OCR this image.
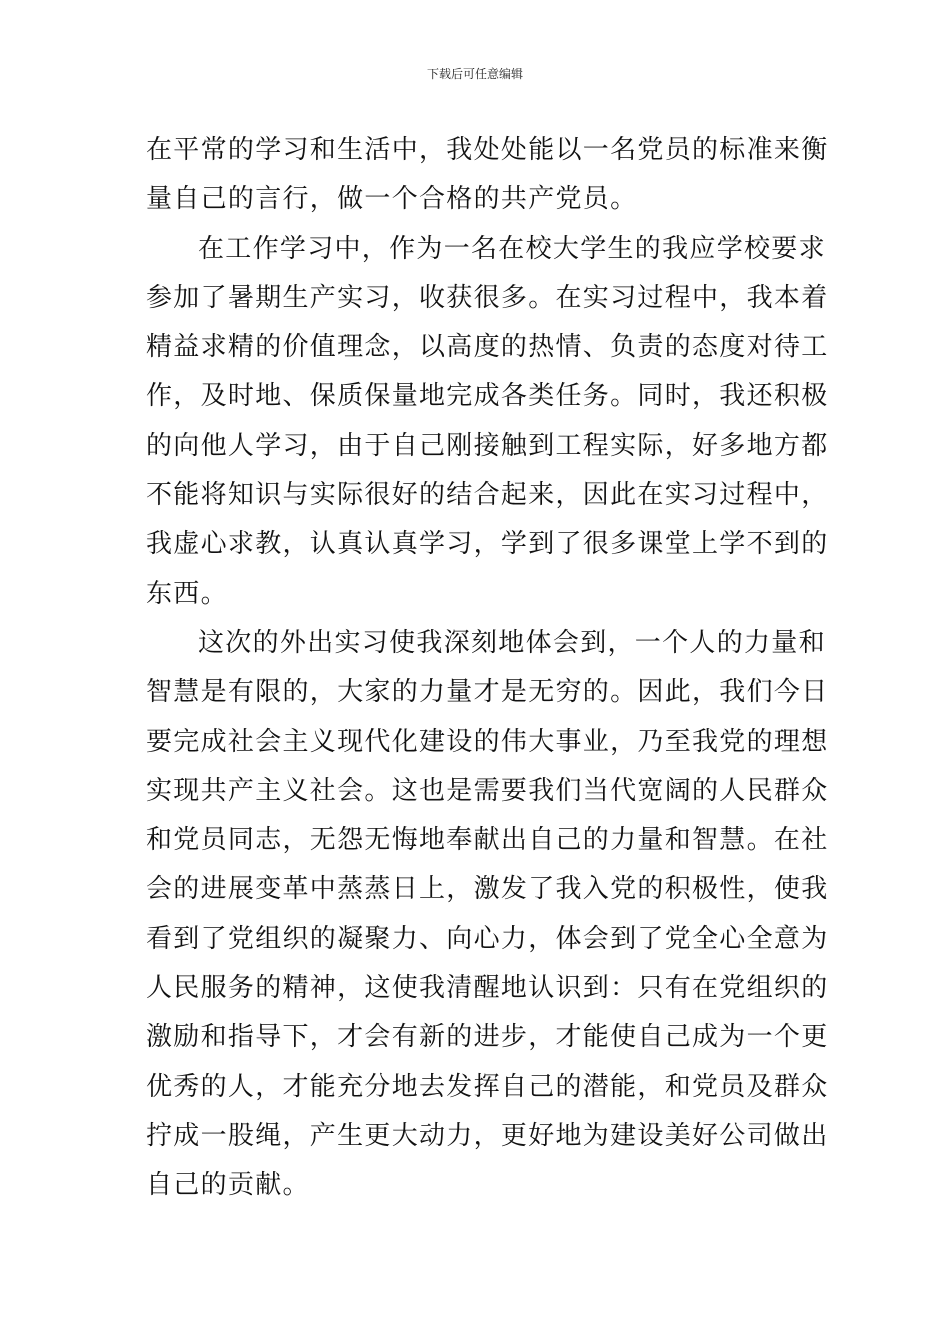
下载后可任意编辑
在平常的学习和生活中，我处处能以一名党员的标准来衡
量自己的言行，做一个合格的共产党员。
在工作学习中，作为一名在校大学生的我应学校要求
参加了暑期生产实习，收获很多。在实习过程中，我本着
精益求精的价值理念，以高度的热情、负责的态度对待工
作，及时地、保质保量地完成各类任务。同时，我还积极
的向他人学习，由于自己刚接触到工程实际，好多地方都
不能将知识与实际很好的结合起来，因此在实习过程中，
我虚心求教，认真认真学习，学到了很多课堂上学不到的
东西。
这次的外出实习使我深刻地体会到，一个人的力量和
智慧是有限的，大家的力量才是无穷的。因此，我们今日
要完成社会主义现代化建设的伟大事业，乃至我党的理想
实现共产主义社会。这也是需要我们当代宽阔的人民群众
和党员同志，无怨无悔地奉献出自己的力量和智慧。在社
会的进展变革中蒸蒸日上，激发了我入党的积极性，使我
看到了党组织的凝聚力、向心力，体会到了党全心全意为
人民服务的精神，这使我清醒地认识到：只有在党组织的
激励和指导下，才会有新的进步，才能使自己成为一个更
优秀的人，才能充分地去发挥自己的潜能，和党员及群众
拧成一股绳，产生更大动力，更好地为建设美好公司做出
自己的贡献。
